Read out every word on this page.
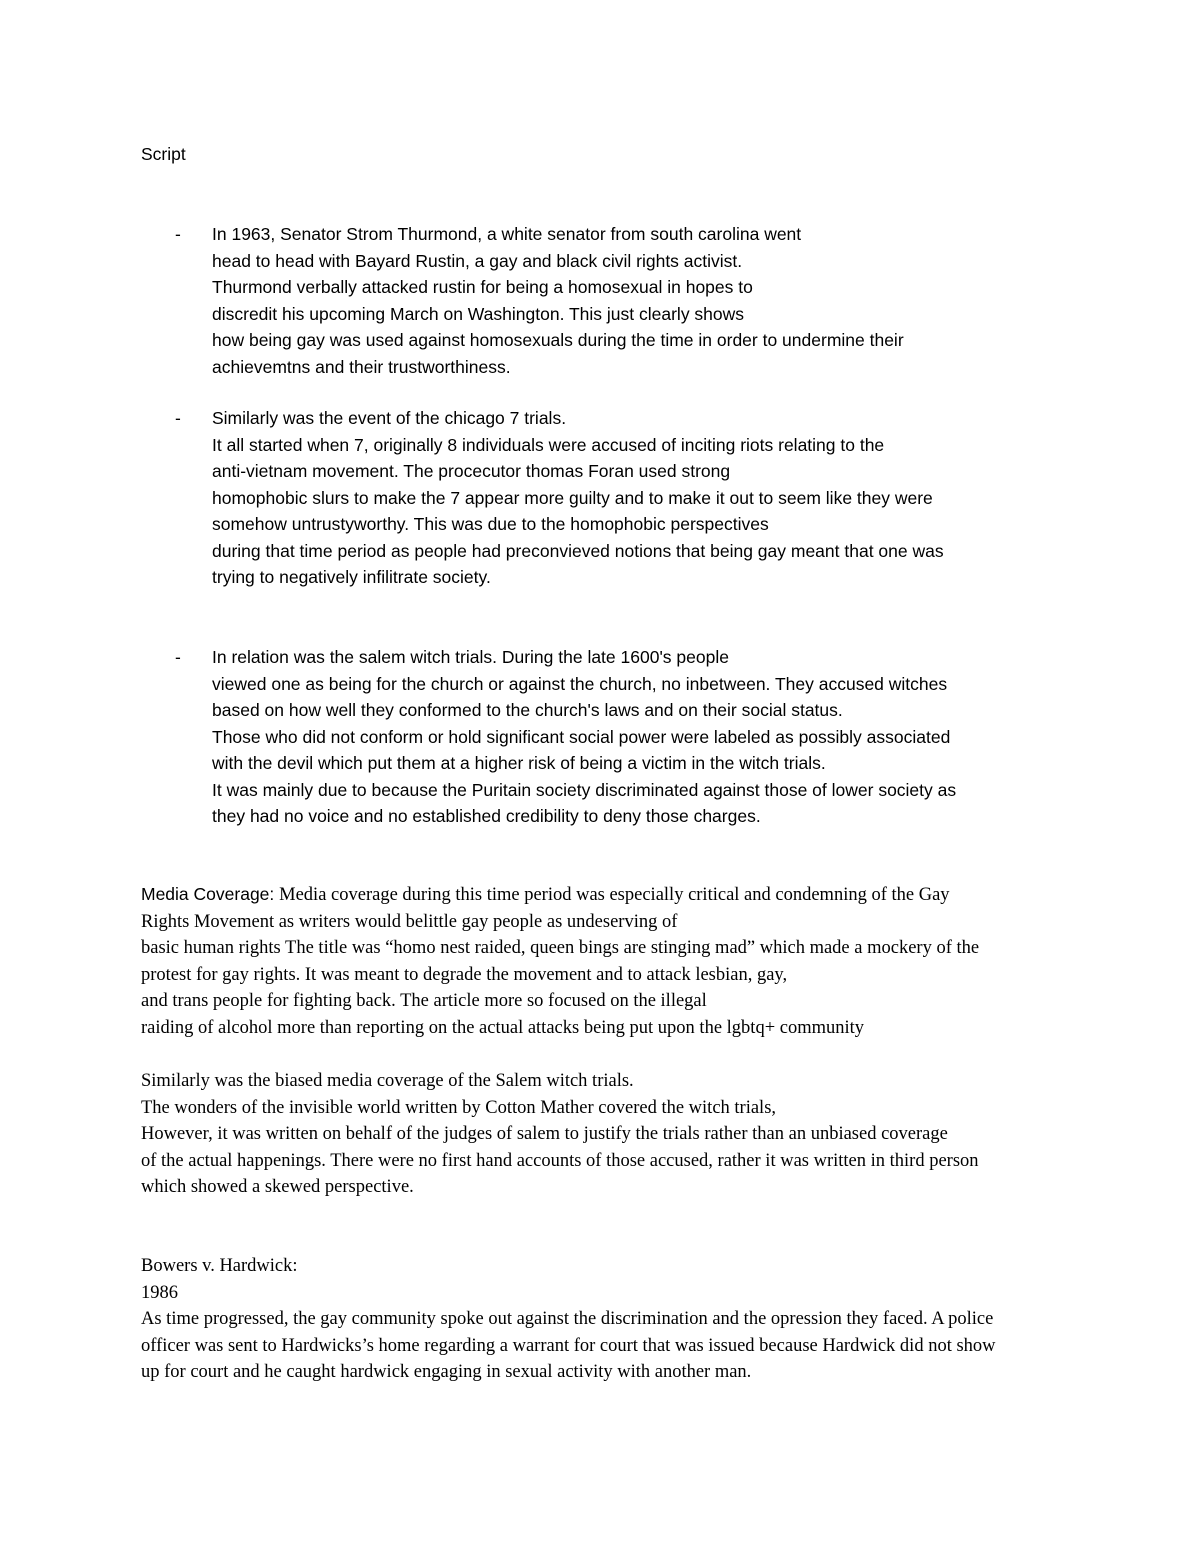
Script
- In 1963, Senator Strom Thurmond, a white senator from south carolina went
head to head with Bayard Rustin, a gay and black civil rights activist.
Thurmond verbally attacked rustin for being a homosexual in hopes to
discredit his upcoming March on Washington. This just clearly shows
how being gay was used against homosexuals during the time in order to undermine their
achievemtns and their trustworthiness.
- Similarly was the event of the chicago 7 trials.
It all started when 7, originally 8 individuals were accused of inciting riots relating to the
anti-vietnam movement. The procecutor thomas Foran used strong
homophobic slurs to make the 7 appear more guilty and to make it out to seem like they were
somehow untrustyworthy. This was due to the homophobic perspectives
during that time period as people had preconvieved notions that being gay meant that one was
trying to negatively infilitrate society.
- In relation was the salem witch trials. During the late 1600's people
viewed one as being for the church or against the church, no inbetween. They accused witches
based on how well they conformed to the church's laws and on their social status.
Those who did not conform or hold significant social power were labeled as possibly associated
with the devil which put them at a higher risk of being a victim in the witch trials.
It was mainly due to because the Puritain society discriminated against those of lower society as
they had no voice and no established credibility to deny those charges.
Media Coverage: Media coverage during this time period was especially critical and condemning of the Gay
Rights Movement as writers would belittle gay people as undeserving of
basic human rights The title was “homo nest raided, queen bings are stinging mad” which made a mockery of the
protest for gay rights. It was meant to degrade the movement and to attack lesbian, gay,
and trans people for fighting back. The article more so focused on the illegal
raiding of alcohol more than reporting on the actual attacks being put upon the lgbtq+ community
Similarly was the biased media coverage of the Salem witch trials.
The wonders of the invisible world written by Cotton Mather covered the witch trials,
However, it was written on behalf of the judges of salem to justify the trials rather than an unbiased coverage
of the actual happenings. There were no first hand accounts of those accused, rather it was written in third person
which showed a skewed perspective.
Bowers v. Hardwick:
1986
As time progressed, the gay community spoke out against the discrimination and the opression they faced. A police
officer was sent to Hardwicks’s home regarding a warrant for court that was issued because Hardwick did not show
up for court and he caught hardwick engaging in sexual activity with another man.
